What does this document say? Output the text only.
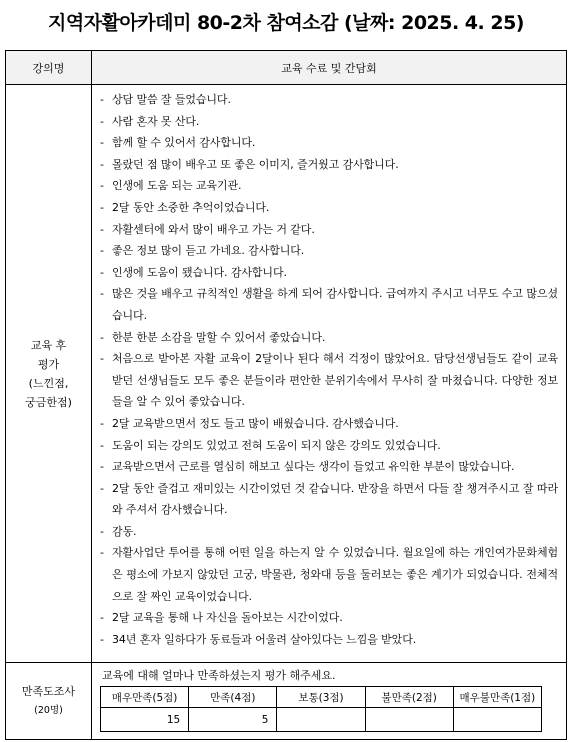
지역자활아카데미 80-2차 참여소감 (날짜: 2025. 4. 25)
강의명	교육 수료 및 간담회

교육 후
평가
(느낀점,
궁금한점)

- 상담 말씀 잘 들었습니다.
- 사람 혼자 못 산다.
- 함께 할 수 있어서 감사합니다.
- 몰랐던 점 많이 배우고 또 좋은 이미지, 즐거웠고 감사합니다.
- 인생에 도움 되는 교육기관.
- 2달 동안 소중한 추억이었습니다.
- 자활센터에 와서 많이 배우고 가는 거 같다.
- 좋은 정보 많이 듣고 가네요. 감사합니다.
- 인생에 도움이 됐습니다. 감사합니다.
- 많은 것을 배우고 규칙적인 생활을 하게 되어 감사합니다. 급여까지 주시고 너무도 수고 많으셨습니다.
- 한분 한분 소감을 말할 수 있어서 좋았습니다.
- 처음으로 받아본 자활 교육이 2달이나 된다 해서 걱정이 많았어요. 담당선생님들도 같이 교육받던 선생님들도 모두 좋은 분들이라 편안한 분위기속에서 무사히 잘 마쳤습니다. 다양한 정보들을 알 수 있어 좋았습니다.
- 2달 교육받으면서 정도 들고 많이 배웠습니다. 감사했습니다.
- 도움이 되는 강의도 있었고 전혀 도움이 되지 않은 강의도 있었습니다.
- 교육받으면서 근로를 열심히 해보고 싶다는 생각이 들었고 유익한 부분이 많았습니다.
- 2달 동안 즐겁고 재미있는 시간이었던 것 같습니다. 반장을 하면서 다들 잘 챙겨주시고 잘 따라와 주셔서 감사했습니다.
- 감동.
- 자활사업단 투어를 통해 어떤 일을 하는지 알 수 있었습니다. 월요일에 하는 개인여가문화체험은 평소에 가보지 않았던 고궁, 박물관, 청와대 등을 둘러보는 좋은 계기가 되었습니다. 전체적으로 잘 짜인 교육이었습니다.
- 2달 교육을 통해 나 자신을 돌아보는 시간이었다.
- 34년 혼자 일하다가 동료들과 어울려 살아있다는 느낌을 받았다.

만족도조사
(20명)

교육에 대해 얼마나 만족하셨는지 평가 해주세요.
매우만족(5점)	만족(4점)	보통(3점)	불만족(2점)	매우불만족(1점)
15	5			
